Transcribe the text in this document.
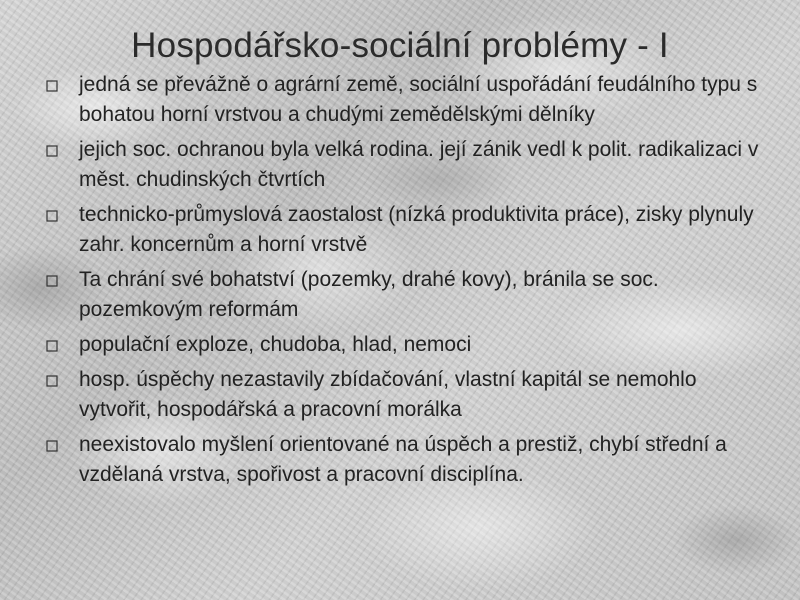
Hospodářsko-sociální problémy - I
jedná se převážně o agrární země, sociální uspořádání feudálního typu s bohatou horní vrstvou a chudými zemědělskými dělníky
jejich soc. ochranou byla velká rodina. její zánik vedl k polit. radikalizaci v měst. chudinských čtvrtích
technicko-průmyslová zaostalost (nízká produktivita práce), zisky plynuly zahr. koncernům a horní vrstvě
Ta chrání své bohatství (pozemky, drahé kovy), bránila se soc. pozemkovým reformám
populační exploze, chudoba, hlad, nemoci
hosp. úspěchy nezastavily zbídačování, vlastní kapitál se nemohlo vytvořit, hospodářská a pracovní morálka
neexistovalo myšlení orientované na úspěch a prestiž, chybí střední a vzdělaná vrstva, spořivost a pracovní disciplína.
